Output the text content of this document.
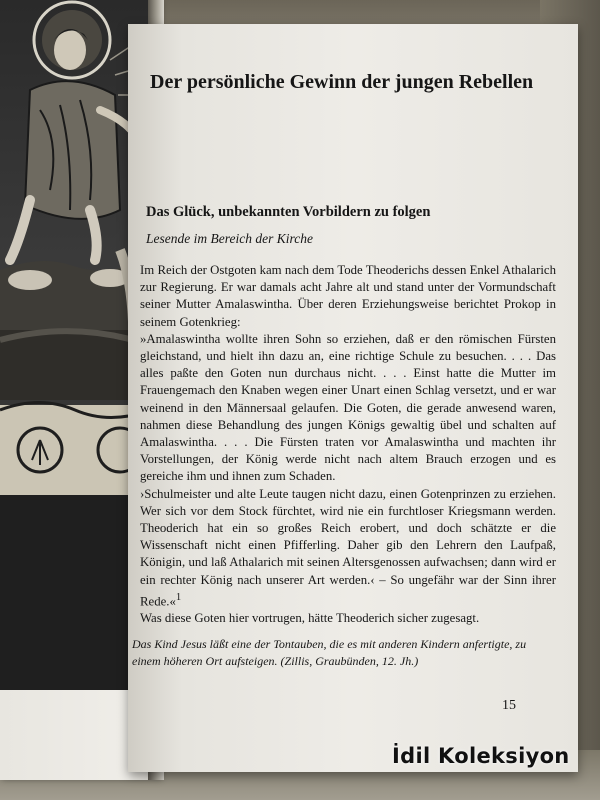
Der persönliche Gewinn der jungen Rebellen
Das Glück, unbekannten Vorbildern zu folgen
Lesende im Bereich der Kirche

Im Reich der Ostgoten kam nach dem Tode Theoderichs dessen Enkel Athalarich zur Regierung. Er war damals acht Jahre alt und stand unter der Vormundschaft seiner Mutter Amalaswintha. Über deren Erziehungsweise berichtet Prokop in seinem Gotenkrieg:

»Amalaswintha wollte ihren Sohn so erziehen, daß er den römischen Fürsten gleichstand, und hielt ihn dazu an, eine richtige Schule zu besuchen. . . . Das alles paßte den Goten nun durchaus nicht. . . . Einst hatte die Mutter im Frauengemach den Knaben wegen einer Unart einen Schlag versetzt, und er war weinend in den Männersaal gelaufen. Die Goten, die gerade anwesend waren, nahmen diese Behandlung des jungen Königs gewaltig übel und schalten auf Amalaswintha. . . . Die Fürsten traten vor Amalaswintha und machten ihr Vorstellungen, der König werde nicht nach altem Brauch erzogen und es gereiche ihm und ihnen zum Schaden.

›Schulmeister und alte Leute taugen nicht dazu, einen Gotenprinzen zu erziehen. Wer sich vor dem Stock fürchtet, wird nie ein furchtloser Kriegsmann werden. Theoderich hat ein so großes Reich erobert, und doch schätzte er die Wissenschaft nicht einen Pfifferling. Daher gib den Lehrern den Laufpaß, Königin, und laß Athalarich mit seinen Altersgenossen aufwachsen; dann wird er ein rechter König nach unserer Art werden.‹ – So ungefähr war der Sinn ihrer Rede.«$^1$

Was diese Goten hier vortrugen, hätte Theoderich sicher zugesagt.

Das Kind Jesus läßt eine der Tontauben, die es mit anderen Kindern anfertigte, zu einem höheren Ort aufsteigen. (Zillis, Graubünden, 12. Jh.)
15
İdil Koleksiyon
